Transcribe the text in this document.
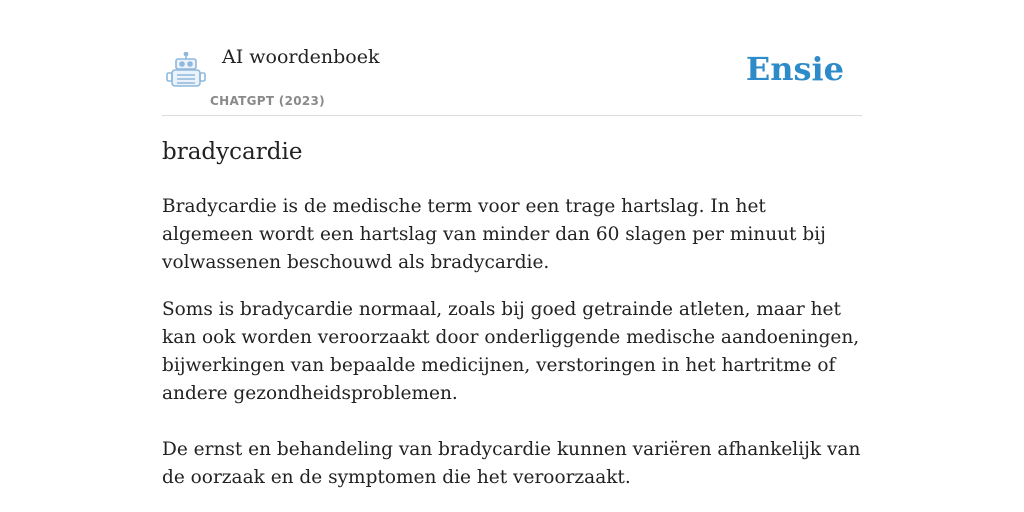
AI woordenboek
CHATGPT (2023)
Ensie
bradycardie

Bradycardie is de medische term voor een trage hartslag. In het algemeen wordt een hartslag van minder dan 60 slagen per minuut bij volwassenen beschouwd als bradycardie.

Soms is bradycardie normaal, zoals bij goed getrainde atleten, maar het kan ook worden veroorzaakt door onderliggende medische aandoeningen, bijwerkingen van bepaalde medicijnen, verstoringen in het hartritme of andere gezondheidsproblemen.

De ernst en behandeling van bradycardie kunnen variëren afhankelijk van de oorzaak en de symptomen die het veroorzaakt.
